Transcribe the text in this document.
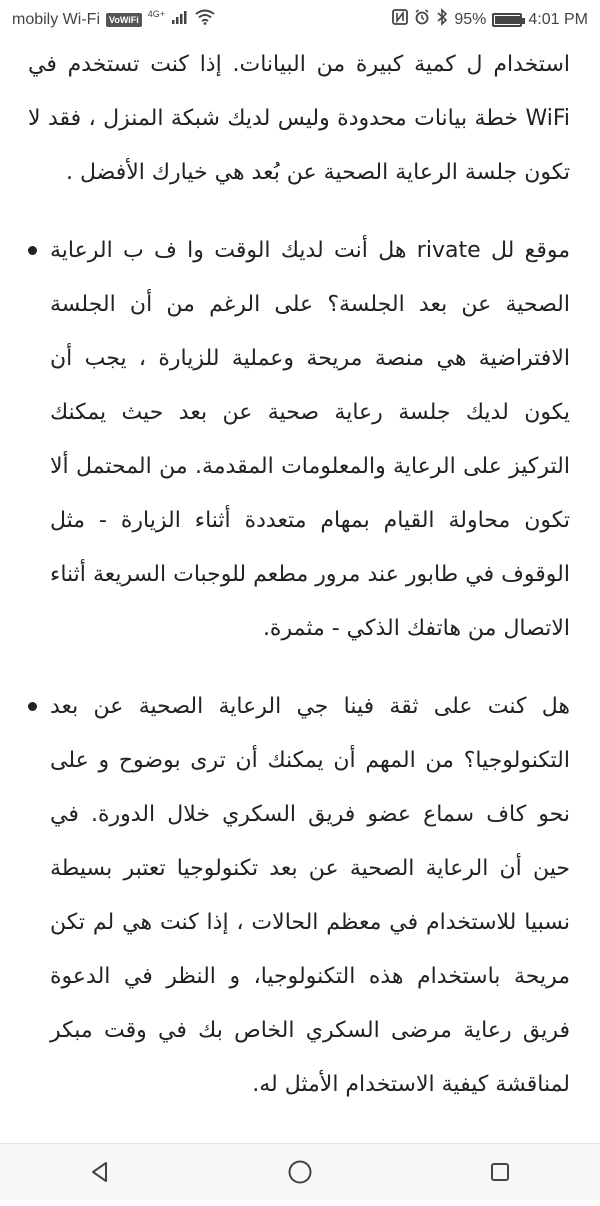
mobily Wi-Fi	VoWiFi
4G+	95%	4:01 PM

استخدام ل كمية كبيرة من البيانات. إذا كنت تستخدم في WiFi خطة بيانات محدودة وليس لديك شبكة المنزل ، فقد لا تكون جلسة الرعاية الصحية عن بُعد هي خيارك الأفضل .

موقع لل rivate هل أنت لديك الوقت وا ف ب الرعاية الصحية عن بعد الجلسة؟ على الرغم من أن الجلسة الافتراضية هي منصة مريحة وعملية للزيارة ، يجب أن يكون لديك جلسة رعاية صحية عن بعد حيث يمكنك التركيز على الرعاية والمعلومات المقدمة. من المحتمل ألا تكون محاولة القيام بمهام متعددة أثناء الزيارة - مثل الوقوف في طابور عند مرور مطعم للوجبات السريعة أثناء الاتصال من هاتفك الذكي - مثمرة.

هل كنت على ثقة فينا جي الرعاية الصحية عن بعد التكنولوجيا؟ من المهم أن يمكنك أن ترى بوضوح و على نحو كاف سماع عضو فريق السكري خلال الدورة. في حين أن الرعاية الصحية عن بعد تكنولوجيا تعتبر بسيطة نسبيا للاستخدام في معظم الحالات ، إذا كنت هي لم تكن مريحة باستخدام هذه التكنولوجيا، و النظر في الدعوة فريق رعاية مرضى السكري الخاص بك في وقت مبكر لمناقشة كيفية الاستخدام الأمثل له.
